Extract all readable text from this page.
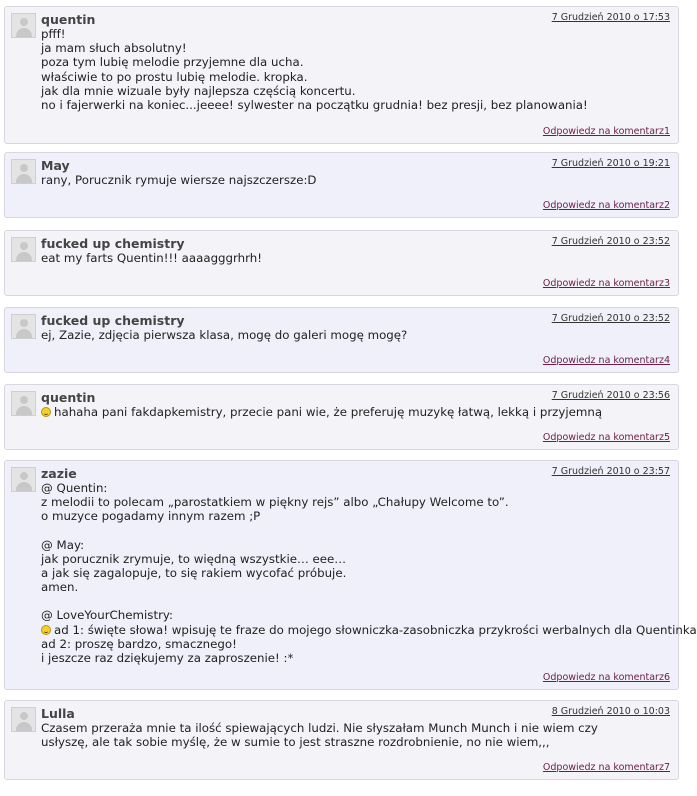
quentin	7 Grudzień 2010 o 17:53

pfff!

ja mam słuch absolutny!

poza tym lubię melodie przyjemne dla ucha.

właściwie to po prostu lubię melodie. kropka.

jak dla mnie wizuale były najlepsza częścią koncertu.

no i fajerwerki na koniec...jeeee! sylwester na początku grudnia! bez presji, bez planowania!

Odpowiedz na komentarz1
May	7 Grudzień 2010 o 19:21

rany, Porucznik rymuje wiersze najszczersze:D

Odpowiedz na komentarz2
fucked up chemistry	7 Grudzień 2010 o 23:52

eat my farts Quentin!!! aaaagggrhrh!

Odpowiedz na komentarz3
fucked up chemistry	7 Grudzień 2010 o 23:52

ej, Zazie, zdjęcia pierwsza klasa, mogę do galeri mogę mogę?

Odpowiedz na komentarz4
quentin	7 Grudzień 2010 o 23:56

hahaha pani fakdapkemistry, przecie pani wie, że preferuję muzykę łatwą, lekką i przyjemną

Odpowiedz na komentarz5
zazie	7 Grudzień 2010 o 23:57

@ Quentin:

z melodii to polecam „parostatkiem w piękny rejs” albo „Chałupy Welcome to”.

o muzyce pogadamy innym razem ;P

@ May:

jak porucznik zrymuje, to więdną wszystkie… eee…

a jak się zagalopuje, to się rakiem wycofać próbuje.

amen.

@ LoveYourChemistry:

ad 1: święte słowa! wpisuję te fraze do mojego słowniczka-zasobniczka przykrości werbalnych dla Quentinka

ad 2: proszę bardzo, smacznego!

i jeszcze raz dziękujemy za zaproszenie! :*

Odpowiedz na komentarz6
Lulla	8 Grudzień 2010 o 10:03

Czasem przeraża mnie ta ilość spiewających ludzi. Nie słyszałam Munch Munch i nie wiem czy

usłyszę, ale tak sobie myślę, że w sumie to jest straszne rozdrobnienie, no nie wiem,,,

Odpowiedz na komentarz7
